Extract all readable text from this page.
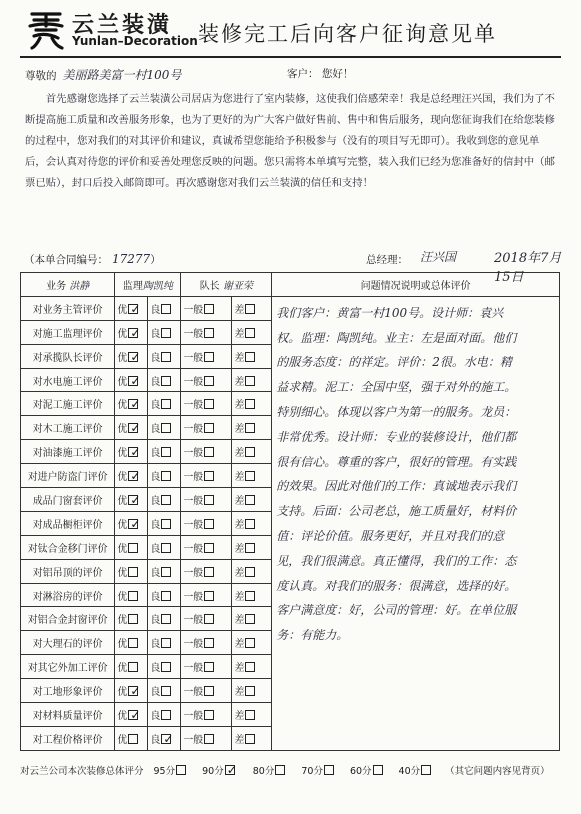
云兰装潢
Yunlan–Decoration 装修完工后向客户征询意见单
尊敬的 美丽路美富一村100号	客户： 您好！

首先感谢您选择了云兰装潢公司居店为您进行了室内装修，这使我们倍感荣幸！我是总经理汪兴国，我们为了不断提高施工质量和改善服务形象，也为了更好的为广大客户做好售前、售中和售后服务，现向您征询我们在给您装修的过程中，您对我们的对其评价和建议，真诚希望您能给予积极参与（没有的项目写无即可）。我收到您的意见单后，会认真对待您的评价和妥善处理您反映的问题。您只需将本单填写完整，装入我们已经为您准备好的信封中（邮票已贴），封口后投入邮筒即可。再次感谢您对我们云兰装潢的信任和支持！

（本单合同编号： 17277）	总经理： 汪兴国	2018年7月15日
业务 洪静	监理陶凯纯		队长 谢亚荣		问题情况说明或总体评价
对业务主管评价	优 ✓	良	一般	差	我们客户：黄富一村100号。设计师：袁兴权。监理：陶凯纯。业主：左是面对面。他们的服务态度：的祥定。评价：2很。水电：精益求精。泥工：全国中坚，强于对外的施工。特别细心。体现以客户为第一的服务。龙员：非常优秀。设计师：专业的装修设计，他们都很有信心。尊重的客户，很好的管理。有实践的效果。因此对他们的工作：真诚地表示我们支持。后面：公司老总，施工质量好，材料价值：评论价值。服务更好，并且对我们的意见，我们很满意。真正懂得，我们的工作：态度认真。对我们的服务：很满意，选择的好。客户满意度：好，公司的管理：好。在单位服务：有能力。

对施工监理评价	优 ✓	良	一般	差	
对承揽队长评价	优 ✓	良	一般	差	
对水电施工评价	优 ✓	良	一般	差	
对泥工施工评价	优 ✓	良	一般	差	
对木工施工评价	优 ✓	良	一般	差	
对油漆施工评价	优 ✓	良	一般	差	
对进户防盗门评价	优 ✓	良	一般	差	
成品门窗套评价	优 ✓	良	一般	差	
对成品橱柜评价	优 ✓	良	一般	差	
对钛合金移门评价	优	良	一般	差	
对铝吊顶的评价	优	良	一般	差	
对淋浴房的评价	优	良	一般	差	
对铝合金封窗评价	优	良	一般	差	
对大理石的评价	优	良	一般	差	
对其它外加工评价	优	良	一般	差	
对工地形象评价	优 ✓	良	一般	差	
对材料质量评价	优 ✓	良	一般	差	
对工程价格评价	优	良 ✓	一般	差	
对云兰公司本次装修总体评分 95分	90分 ✓ 80分	70分	60分	40分	（其它问题内容见背页）
